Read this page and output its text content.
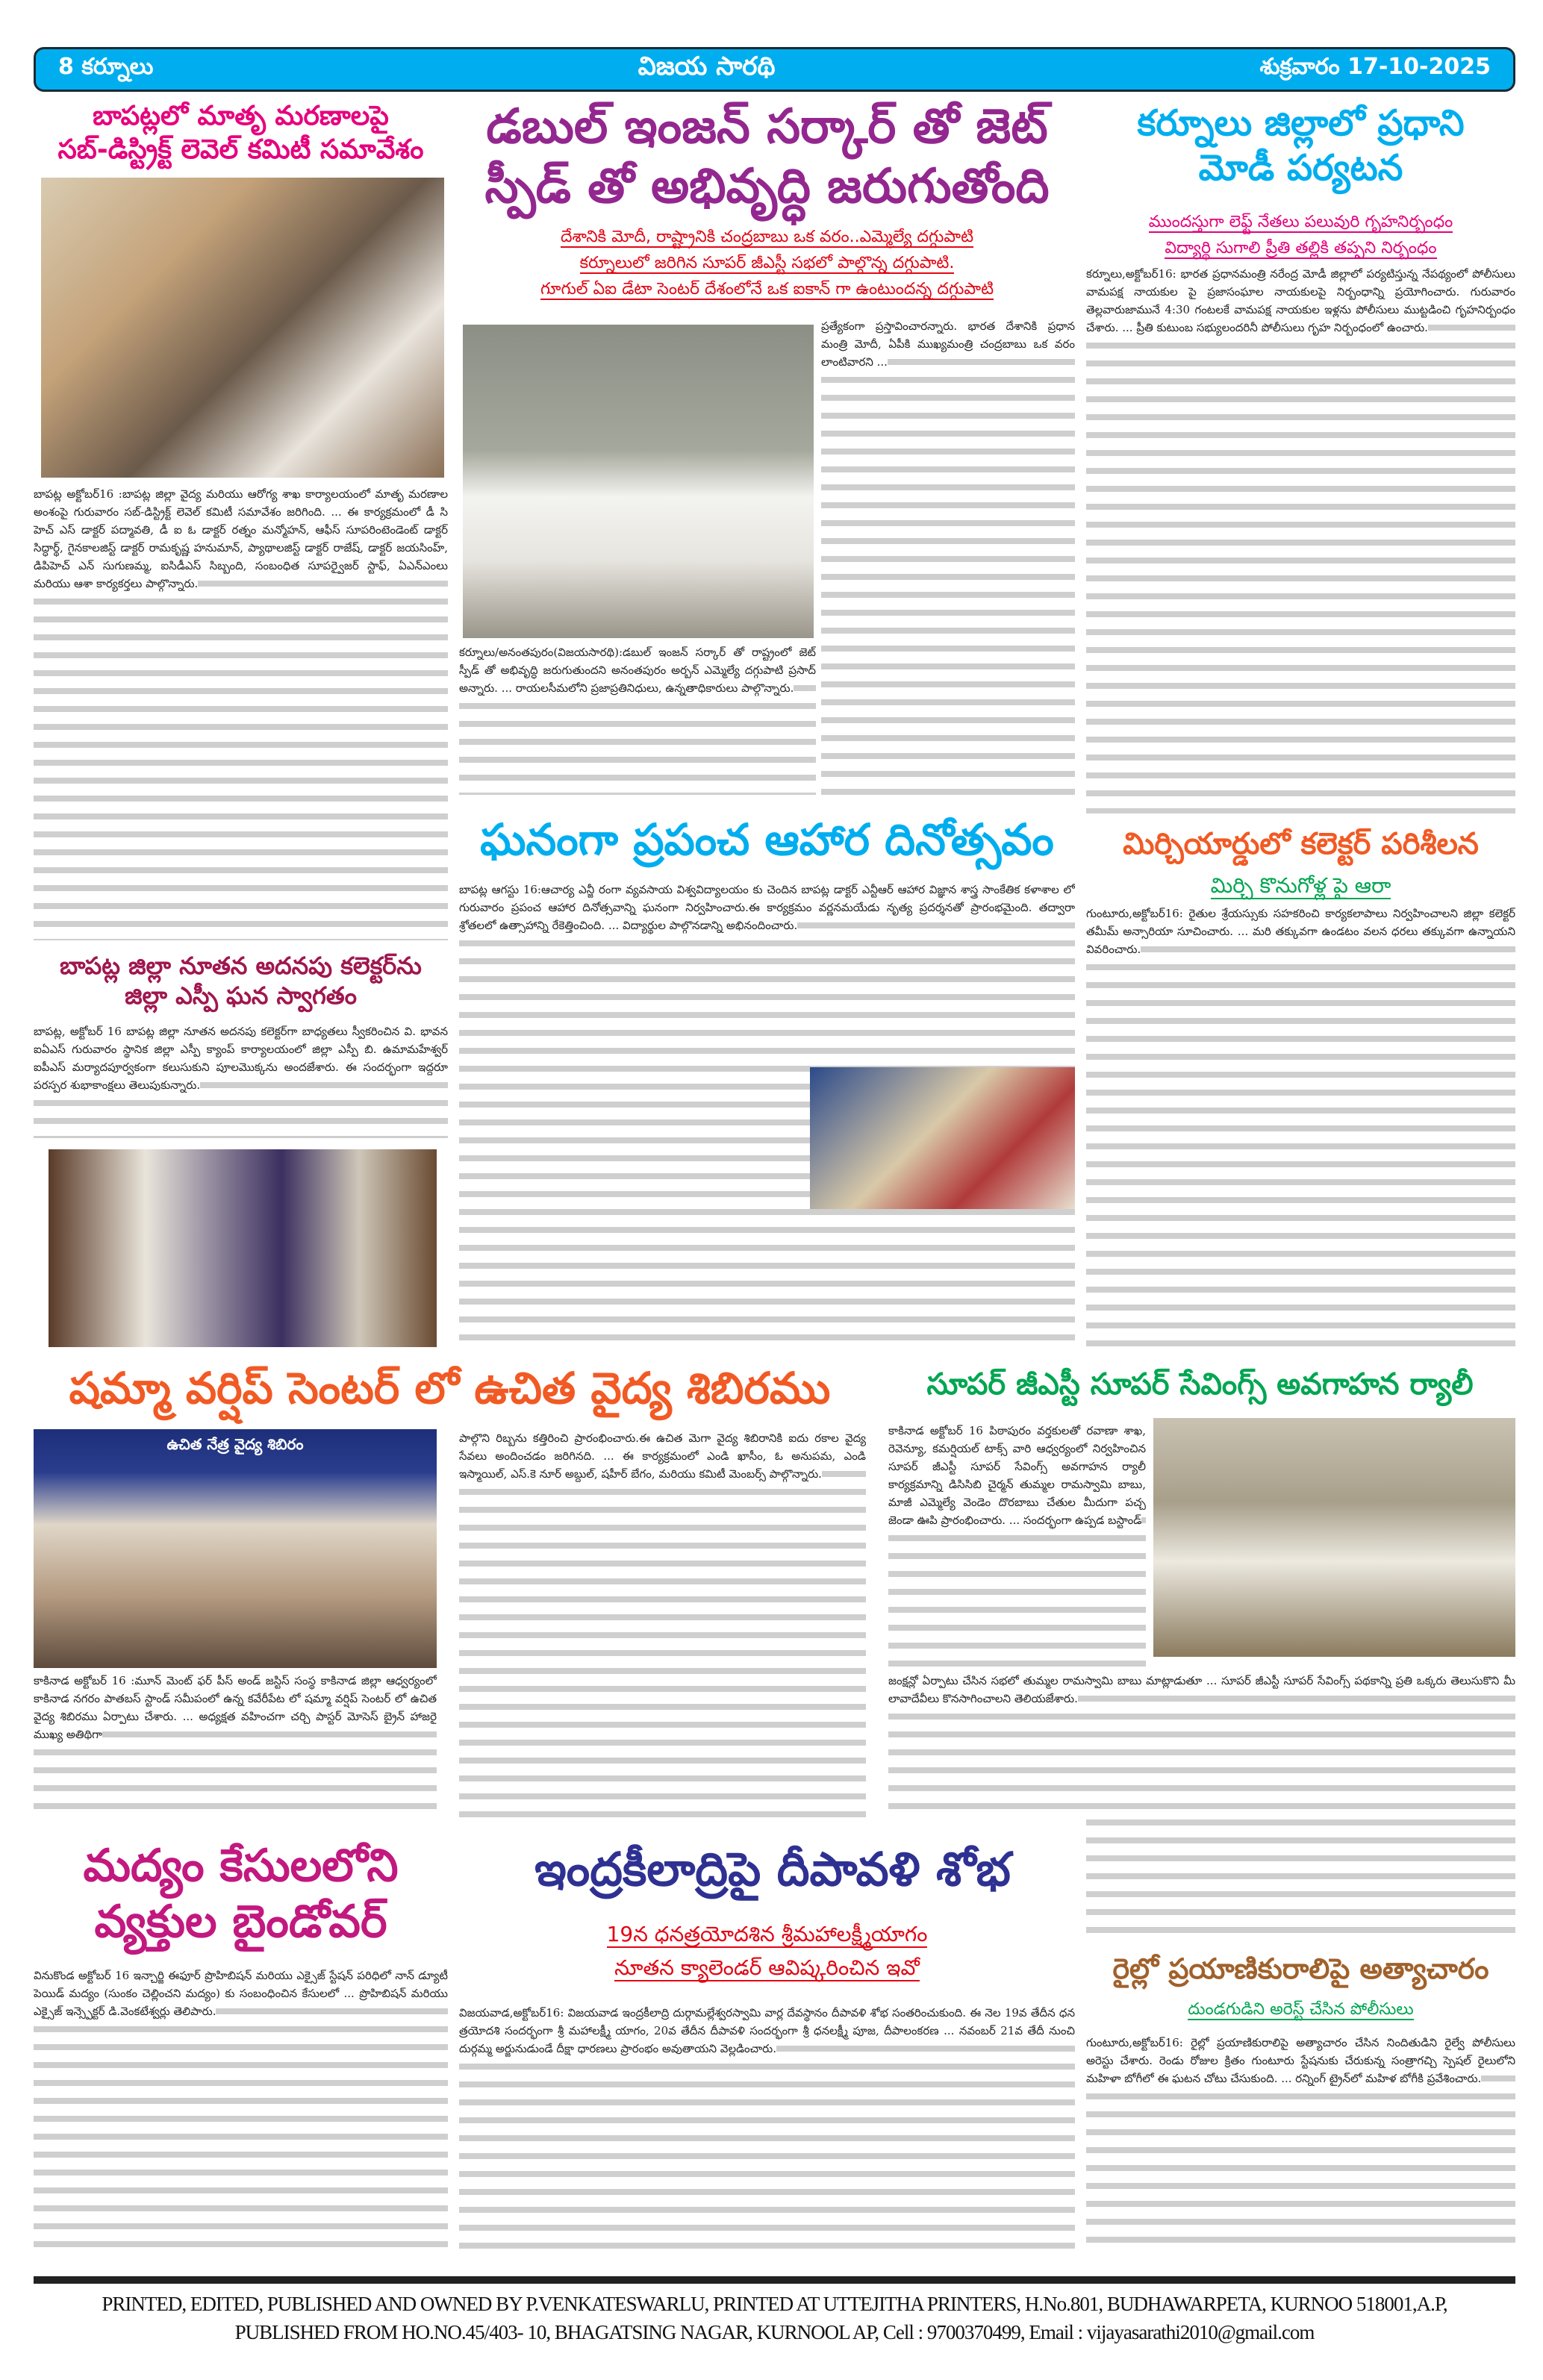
8 కర్నూలు	విజయ సారథి	శుక్రవారం 17-10-2025
బాపట్లలో మాతృ మరణాలపై
సబ్-డిస్ట్రిక్ట్ లెవెల్ కమిటీ సమావేశం

బాపట్ల అక్టోబర్16 :బాపట్ల జిల్లా వైద్య మరియు ఆరోగ్య శాఖ కార్యాలయంలో మాతృ మరణాల అంశంపై గురువారం సబ్-డిస్ట్రిక్ట్ లెవెల్ కమిటీ సమావేశం జరిగింది. ... ఈ కార్యక్రమంలో డీ సి హెచ్ ఎస్ డాక్టర్ పద్మావతి, డీ ఐ ఓ డాక్టర్ రత్నం మన్మోహన్, ఆఫీస్ సూపరింటెండెంట్ డాక్టర్ సిద్ధార్థ్, గైనకాలజిస్ట్ డాక్టర్ రామకృష్ణ హనుమాన్, ప్యాథాలజిస్ట్ డాక్టర్ రాజేష్, డాక్టర్ జయసింహ్, డిపిహెచ్ ఎన్ సుగుణమ్మ, ఐసిడీఎస్ సిబ్బంది, సంబంధిత సూపర్వైజర్ స్టాఫ్, ఏఎన్ఎంలు మరియు ఆశా కార్యకర్తలు పాల్గొన్నారు.

బాపట్ల జిల్లా నూతన అదనపు కలెక్టర్‌ను
జిల్లా ఎస్పీ ఘన స్వాగతం

బాపట్ల, అక్టోబర్ 16 బాపట్ల జిల్లా నూతన అదనపు కలెక్టర్‌గా బాధ్యతలు స్వీకరించిన వి. భావన ఐఏఎస్ గురువారం స్థానిక జిల్లా ఎస్పీ క్యాంప్ కార్యాలయంలో జిల్లా ఎస్పీ బి. ఉమామహేశ్వర్ ఐపీఎస్ మర్యాదపూర్వకంగా కలుసుకుని పూలమొక్కను అందజేశారు. ఈ సందర్భంగా ఇద్దరూ పరస్పర శుభాకాంక్షలు తెలుపుకున్నారు.

డబుల్ ఇంజన్ సర్కార్ తో జెట్
స్పీడ్ తో అభివృద్ధి జరుగుతోంది
దేశానికి మోదీ, రాష్ట్రానికి చంద్రబాబు ఒక వరం..ఎమ్మెల్యే దగ్గుపాటి
కర్నూలులో జరిగిన సూపర్ జీఎస్టీ సభలో పాల్గొన్న దగ్గుపాటి.
గూగుల్ ఏఐ డేటా సెంటర్ దేశంలోనే ఒక ఐకాన్ గా ఉంటుందన్న దగ్గుపాటి

ప్రత్యేకంగా ప్రస్తావించారన్నారు. భారత దేశానికి ప్రధాన మంత్రి మోదీ, ఏపీకి ముఖ్యమంత్రి చంద్రబాబు ఒక వరం లాంటివారని ...

కర్నూలు/అనంతపురం(విజయసారథి):డబుల్ ఇంజన్ సర్కార్ తో రాష్ట్రంలో జెట్ స్పీడ్ తో అభివృద్ధి జరుగుతుందని అనంతపురం అర్బన్ ఎమ్మెల్యే దగ్గుపాటి ప్రసాద్ అన్నారు. ... రాయలసీమలోని ప్రజాప్రతినిధులు, ఉన్నతాధికారులు పాల్గొన్నారు.

ఘనంగా ప్రపంచ ఆహార దినోత్సవం

బాపట్ల ఆగస్టు 16:ఆచార్య ఎన్జీ రంగా వ్యవసాయ విశ్వవిద్యాలయం కు చెందిన బాపట్ల డాక్టర్ ఎన్టీఆర్ ఆహార విజ్ఞాన శాస్త్ర సాంకేతిక కళాశాల లో గురువారం ప్రపంచ ఆహార దినోత్సవాన్ని ఘనంగా నిర్వహించారు.ఈ కార్యక్రమం వర్ణనమయేడు నృత్య ప్రదర్శనతో ప్రారంభమైంది. తద్వారా శ్రోతలలో ఉత్సాహాన్ని రేకెత్తించింది. ... విద్యార్థుల పాల్గొనడాన్ని అభినందించారు.

కర్నూలు జిల్లాలో ప్రధాని
మోడీ పర్యటన
ముందస్తుగా లెఫ్ట్ నేతలు పలువురి గృహనిర్బంధం
విద్యార్థి సుగాలి ప్రీతి తల్లికి తప్పని నిర్బంధం

కర్నూలు,అక్టోబర్16: భారత ప్రధానమంత్రి నరేంద్ర మోడీ జిల్లాలో పర్యటిస్తున్న నేపథ్యంలో పోలీసులు వామపక్ష నాయకుల పై ప్రజాసంఘాల నాయకులపై నిర్బంధాన్ని ప్రయోగించారు. గురువారం తెల్లవారుజామునే 4:30 గంటలకే వామపక్ష నాయకుల ఇళ్లను పోలీసులు ముట్టడించి గృహనిర్బంధం చేశారు. ... ప్రీతి కుటుంబ సభ్యులందరినీ పోలీసులు గృహ నిర్బంధంలో ఉంచారు.

మిర్చియార్డులో కలెక్టర్ పరిశీలన
మిర్చి కొనుగోళ్ల పై ఆరా

గుంటూరు,అక్టోబర్16: రైతుల శ్రేయస్సుకు సహకరించి కార్యకలాపాలు నిర్వహించాలని జిల్లా కలెక్టర్ తమీమ్ అన్సారియా సూచించారు. ... మరి తక్కువగా ఉండటం వలన ధరలు తక్కువగా ఉన్నాయని వివరించారు.

షమ్మా వర్షిప్ సెంటర్ లో ఉచిత వైద్య శిబిరము	సూపర్ జీఎస్టీ సూపర్ సేవింగ్స్ అవగాహన ర్యాలీ
ఉచిత నేత్ర వైద్య శిబిరం

కాకినాడ అక్టోబర్ 16 :మూన్ మెంట్ ఫర్ పీస్ అండ్ జస్టిస్ సంస్థ కాకినాడ జిల్లా ఆధ్వర్యంలో కాకినాడ నగరం పాతబస్ స్టాండ్ సమీపంలో ఉన్న కవేరీపేట లో షమ్మా వర్షిప్ సెంటర్ లో ఉచిత వైద్య శిబిరము ఏర్పాటు చేశారు. ... అధ్యక్షత వహించగా చర్చి పాస్టర్ మోసెస్ బ్రైన్ హాజరై ముఖ్య అతిథిగా

పాల్గొని రిబ్బను కత్తిరించి ప్రారంభించారు.ఈ ఉచిత మెగా వైద్య శిబిరానికి ఐదు రకాల వైద్య సేవలు అందించడం జరిగినది. ... ఈ కార్యక్రమంలో ఎండి ఖాసీం, ఓ అనుపమ, ఎండి ఇస్మాయిల్, ఎస్.కె నూర్ అబ్దుల్, షహీర్ బేగం, మరియు కమిటీ మెంబర్స్ పాల్గొన్నారు.

కాకినాడ అక్టోబర్ 16 పిఠాపురం వర్తకులతో రవాణా శాఖ, రెవెన్యూ, కమర్షియల్ టాక్స్ వారి ఆధ్వర్యంలో నిర్వహించిన సూపర్ జీఎస్టీ సూపర్ సేవింగ్స్ అవగాహన ర్యాలీ కార్యక్రమాన్ని డిసిసిబి చైర్మన్ తుమ్మల రామస్వామి బాబు, మాజీ ఎమ్మెల్యే వెండెం దొరబాబు చేతుల మీదుగా పచ్చ జెండా ఊపి ప్రారంభించారు. ... సందర్భంగా ఉప్పడ బస్టాండ్

జంక్షన్లో ఏర్పాటు చేసిన సభలో తుమ్మల రామస్వామి బాబు మాట్లాడుతూ ... సూపర్ జీఎస్టీ సూపర్ సేవింగ్స్ పథకాన్ని ప్రతి ఒక్కరు తెలుసుకొని మీ లావాదేవీలు కొనసాగించాలని తెలియజేశారు.

మద్యం కేసులలోని
వ్యక్తుల బైండోవర్

వినుకొండ అక్టోబర్ 16 ఇన్చార్జి ఈఫూర్ ప్రొహిబిషన్ మరియు ఎక్సైజ్ స్టేషన్ పరిధిలో నాన్ డ్యూటీ పెయిడ్ మద్యం (సుంకం చెల్లించని మద్యం) కు సంబంధించిన కేసులలో ... ప్రొహిబిషన్ మరియు ఎక్సైజ్ ఇన్స్పెక్టర్ డి.వెంకటేశ్వర్లు తెలిపారు.

ఇంద్రకీలాద్రిపై దీపావళి శోభ
19న ధనత్రయోదశిన శ్రీమహాలక్ష్మీయాగం
నూతన క్యాలెండర్ ఆవిష్కరించిన ఇవో

విజయవాడ,అక్టోబర్16: విజయవాడ ఇంద్రకీలాద్రి దుర్గామల్లేశ్వరస్వామి వార్ల దేవస్థానం దీపావళి శోభ సంతరించుకుంది. ఈ నెల 19వ తేదీన ధన త్రయోదశి సందర్భంగా శ్రీ మహాలక్ష్మీ యాగం, 20వ తేదీన దీపావళి సందర్భంగా శ్రీ ధనలక్ష్మీ పూజ, దీపాలంకరణ ... నవంబర్ 21వ తేదీ నుంచి దుర్గమ్మ అర్జునుడుండే దీక్షా ధారణలు ప్రారంభం అవుతాయని వెల్లడించారు.

రైల్లో ప్రయాణికురాలిపై అత్యాచారం
దుండగుడిని అరెస్ట్ చేసిన పోలీసులు

గుంటూరు,అక్టోబర్16: రైల్లో ప్రయాణికురాలిపై అత్యాచారం చేసిన నిందితుడిని రైల్వే పోలీసులు అరెస్టు చేశారు. రెండు రోజుల క్రితం గుంటూరు స్టేషనుకు చేరుకున్న సంత్రాగచ్చి స్పెషల్ రైలులోని మహిళా బోగీలో ఈ ఘటన చోటు చేసుకుంది. ... రన్నింగ్ ట్రైన్‌లో మహిళ బోగీకి ప్రవేశించారు.

PRINTED, EDITED, PUBLISHED AND OWNED BY P.VENKATESWARLU, PRINTED AT UTTEJITHA PRINTERS, H.No.801, BUDHAWARPETA, KURNOO 518001,A.P,
PUBLISHED FROM HO.NO.45/403- 10, BHAGATSING NAGAR, KURNOOL AP, Cell : 9700370499, Email : vijayasarathi2010@gmail.com
